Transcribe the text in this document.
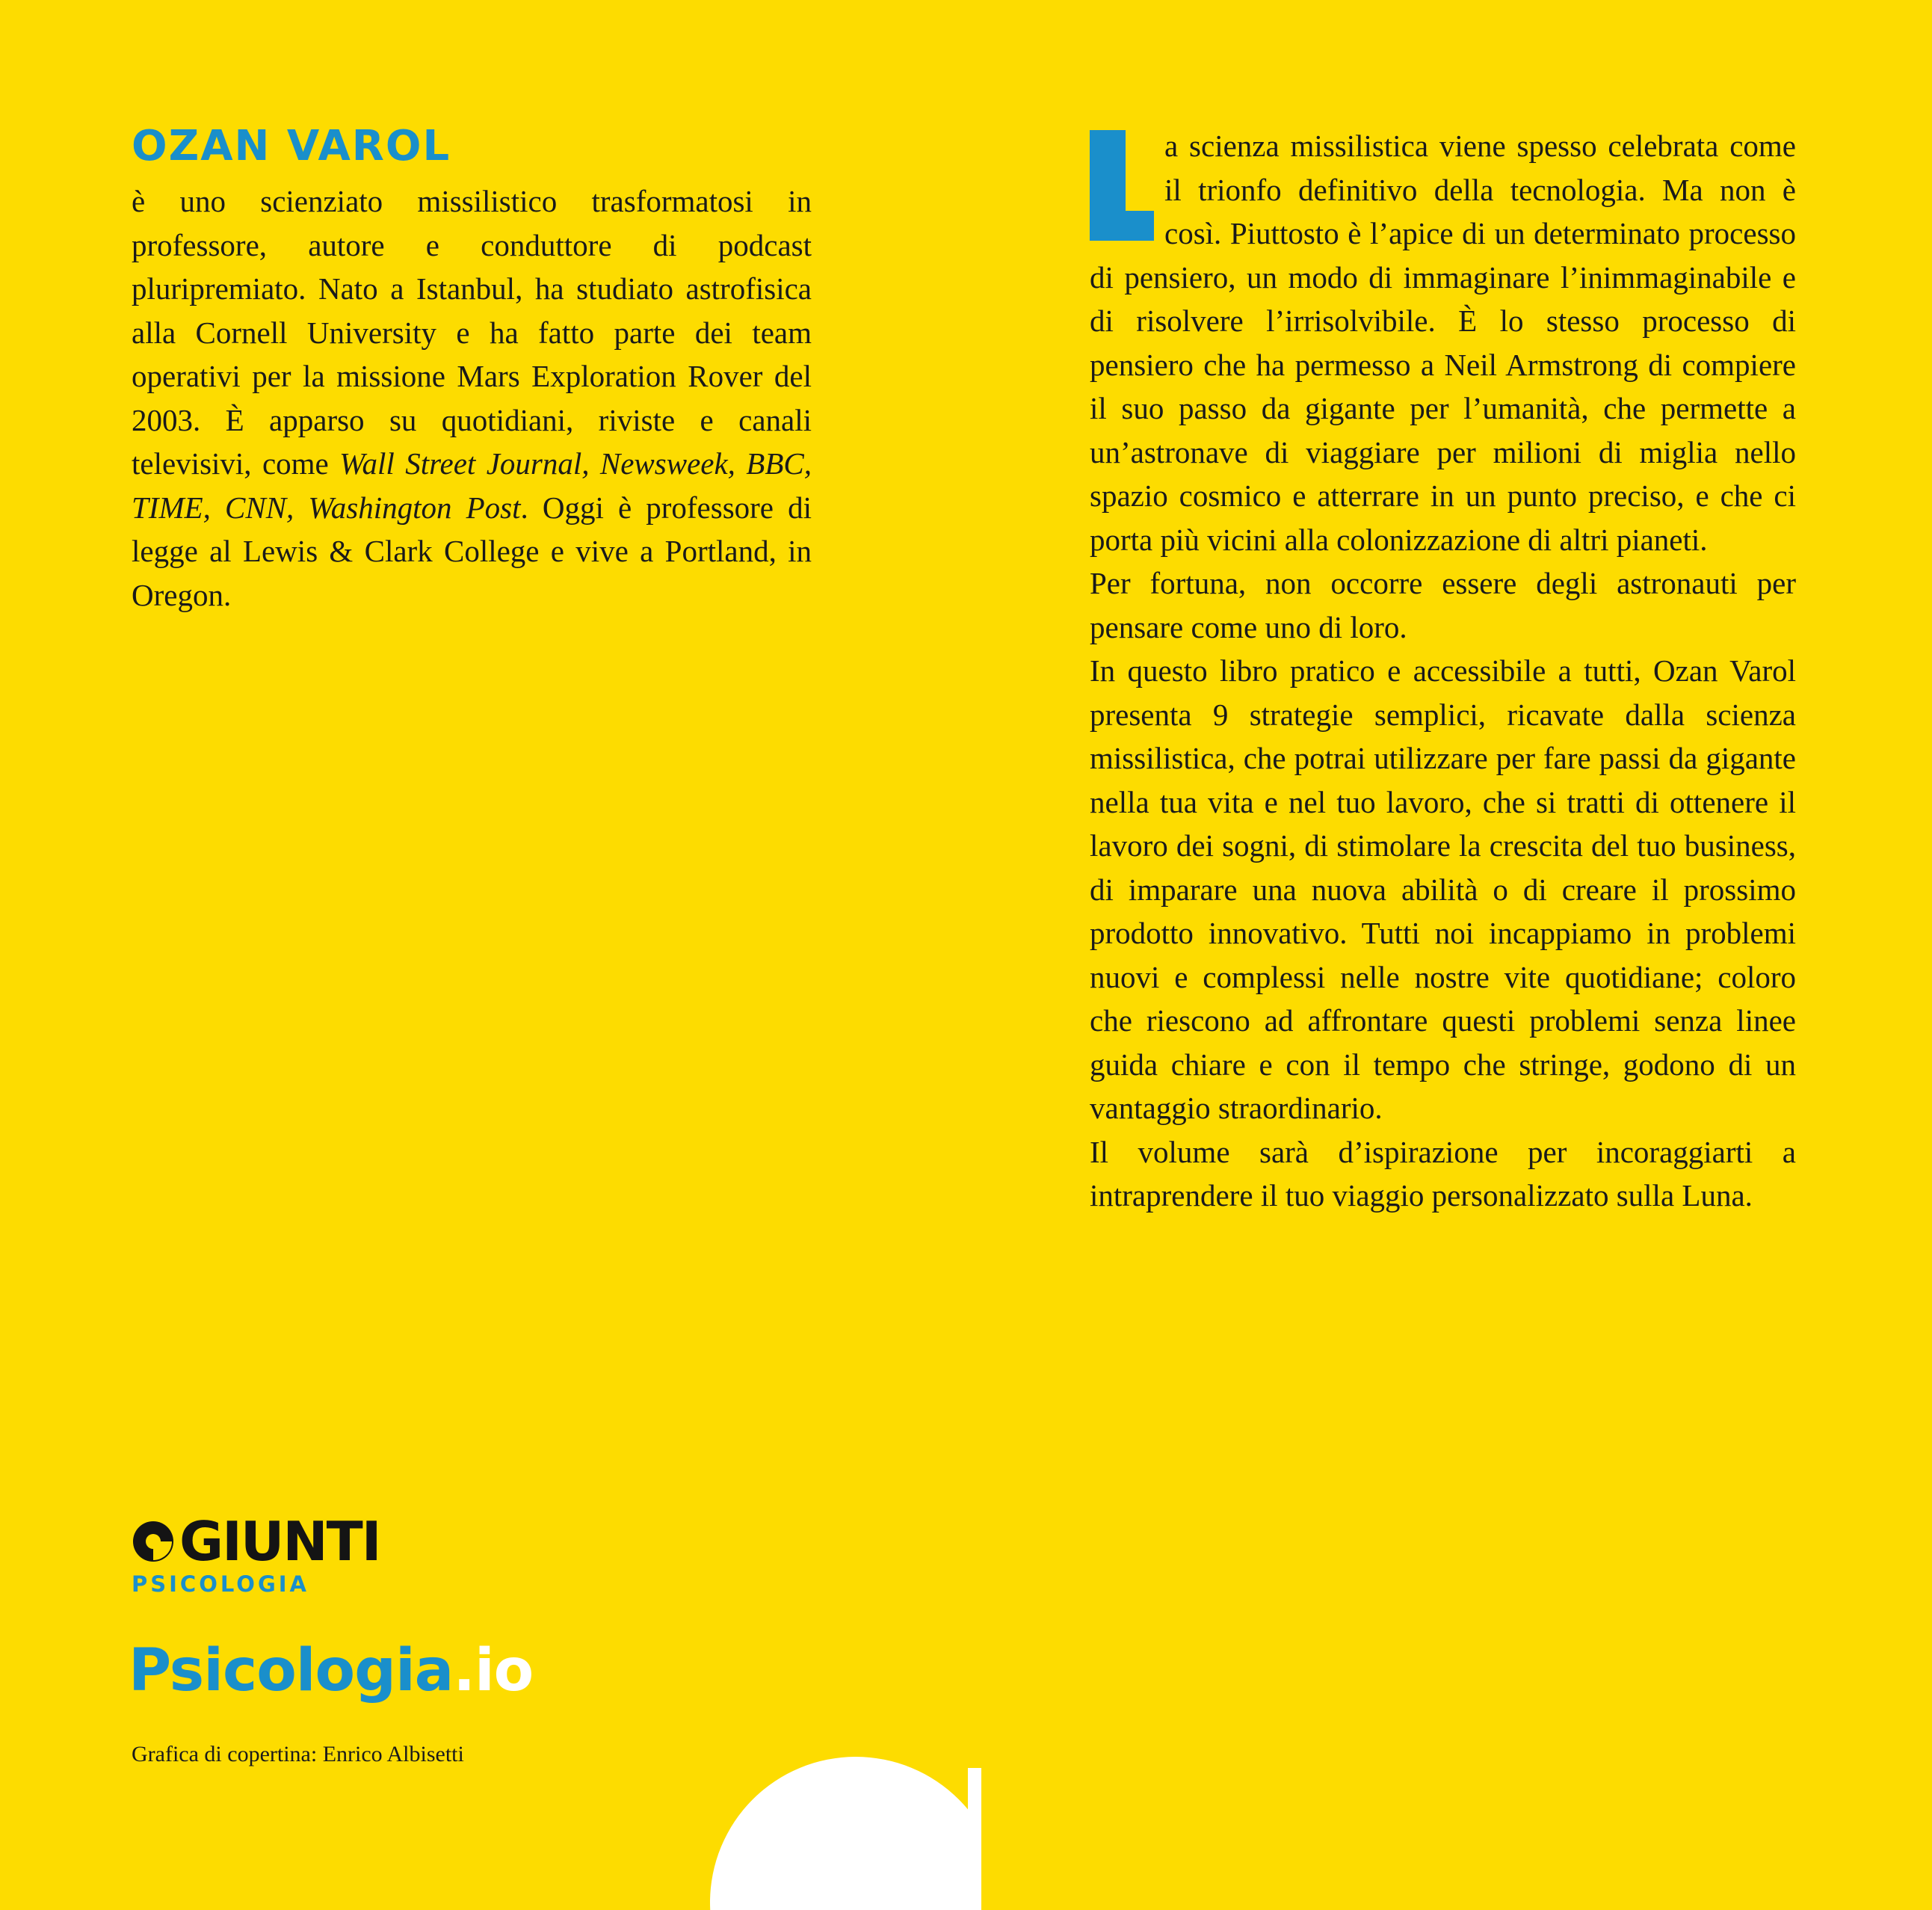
OZAN VAROL

è uno scienziato missilistico trasformatosi in professore, autore e conduttore di podcast pluripremiato. Nato a Istanbul, ha studiato astrofisica alla Cornell University e ha fatto parte dei team operativi per la missione Mars Exploration Rover del 2003. È apparso su quotidiani, riviste e canali televisivi, come Wall Street Journal, Newsweek, BBC, TIME, CNN, Washington Post. Oggi è professore di legge al Lewis & Clark College e vive a Portland, in Oregon.

a scienza missilistica viene spesso celebrata come il trionfo definitivo della tecnologia. Ma non è così. Piuttosto è l’apice di un determinato processo di pensiero, un modo di immaginare l’inimmaginabile e di risolvere l’irrisolvibile. È lo stesso processo di pensiero che ha permesso a Neil Armstrong di compiere il suo passo da gigante per l’umanità, che permette a un’astronave di viaggiare per milioni di miglia nello spazio cosmico e atterrare in un punto preciso, e che ci porta più vicini alla colonizzazione di altri pianeti.

Per fortuna, non occorre essere degli astronauti per pensare come uno di loro.

In questo libro pratico e accessibile a tutti, Ozan Varol presenta 9 strategie semplici, ricavate dalla scienza missilistica, che potrai utilizzare per fare passi da gigante nella tua vita e nel tuo lavoro, che si tratti di ottenere il lavoro dei sogni, di stimolare la crescita del tuo business, di imparare una nuova abilità o di creare il prossimo prodotto innovativo. Tutti noi incappiamo in problemi nuovi e complessi nelle nostre vite quotidiane; coloro che riescono ad affrontare questi problemi senza linee guida chiare e con il tempo che stringe, godono di un vantaggio straordinario.

Il volume sarà d’ispirazione per incoraggiarti a intraprendere il tuo viaggio personalizzato sulla Luna.

GIUNTI
PSICOLOGIA
Psicologia.io
Grafica di copertina: Enrico Albisetti
